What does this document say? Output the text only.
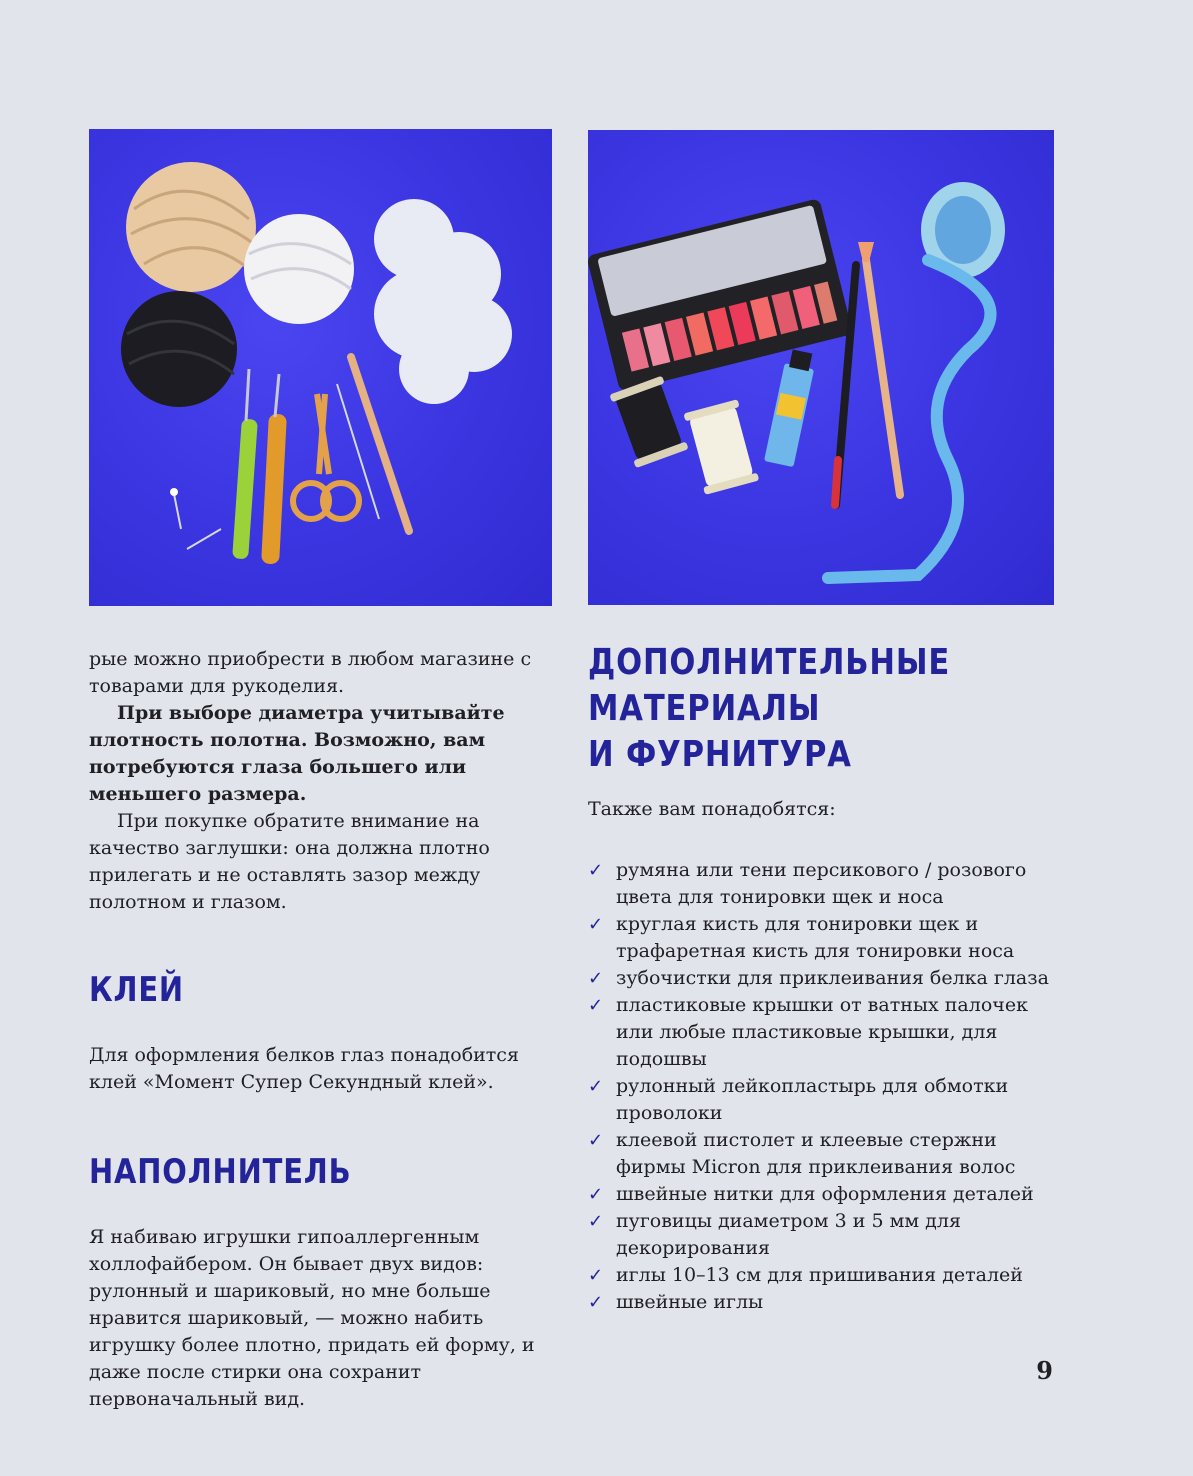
рые можно приобрести в любом магазине с товарами для рукоделия.

При выборе диаметра учитывайте плотность полотна. Возможно, вам потребуются глаза большего или меньшего размера.

При покупке обратите внимание на качество заглушки: она должна плотно прилегать и не оставлять зазор между полотном и глазом.

КЛЕЙ

Для оформления белков глаз понадобится клей «Момент Супер Секундный клей».

НАПОЛНИТЕЛЬ

Я набиваю игрушки гипоаллергенным холлофайбером. Он бывает двух видов: рулонный и шариковый, но мне больше нравится шариковый, — можно набить игрушку более плотно, придать ей форму, и даже после стирки она сохранит первоначальный вид.

ДОПОЛНИТЕЛЬНЫЕ
МАТЕРИАЛЫ
И ФУРНИТУРА

Также вам понадобятся:

✓ румяна или тени персикового / розового цвета для тонировки щек и носа
✓ круглая кисть для тонировки щек и трафаретная кисть для тонировки носа
✓ зубочистки для приклеивания белка глаза
✓ пластиковые крышки от ватных палочек или любые пластиковые крышки, для подошвы
✓ рулонный лейкопластырь для обмотки проволоки
✓ клеевой пистолет и клеевые стержни фирмы Micron для приклеивания волос
✓ швейные нитки для оформления деталей
✓ пуговицы диаметром 3 и 5 мм для декорирования
✓ иглы 10–13 см для пришивания деталей
✓ швейные иглы
9
